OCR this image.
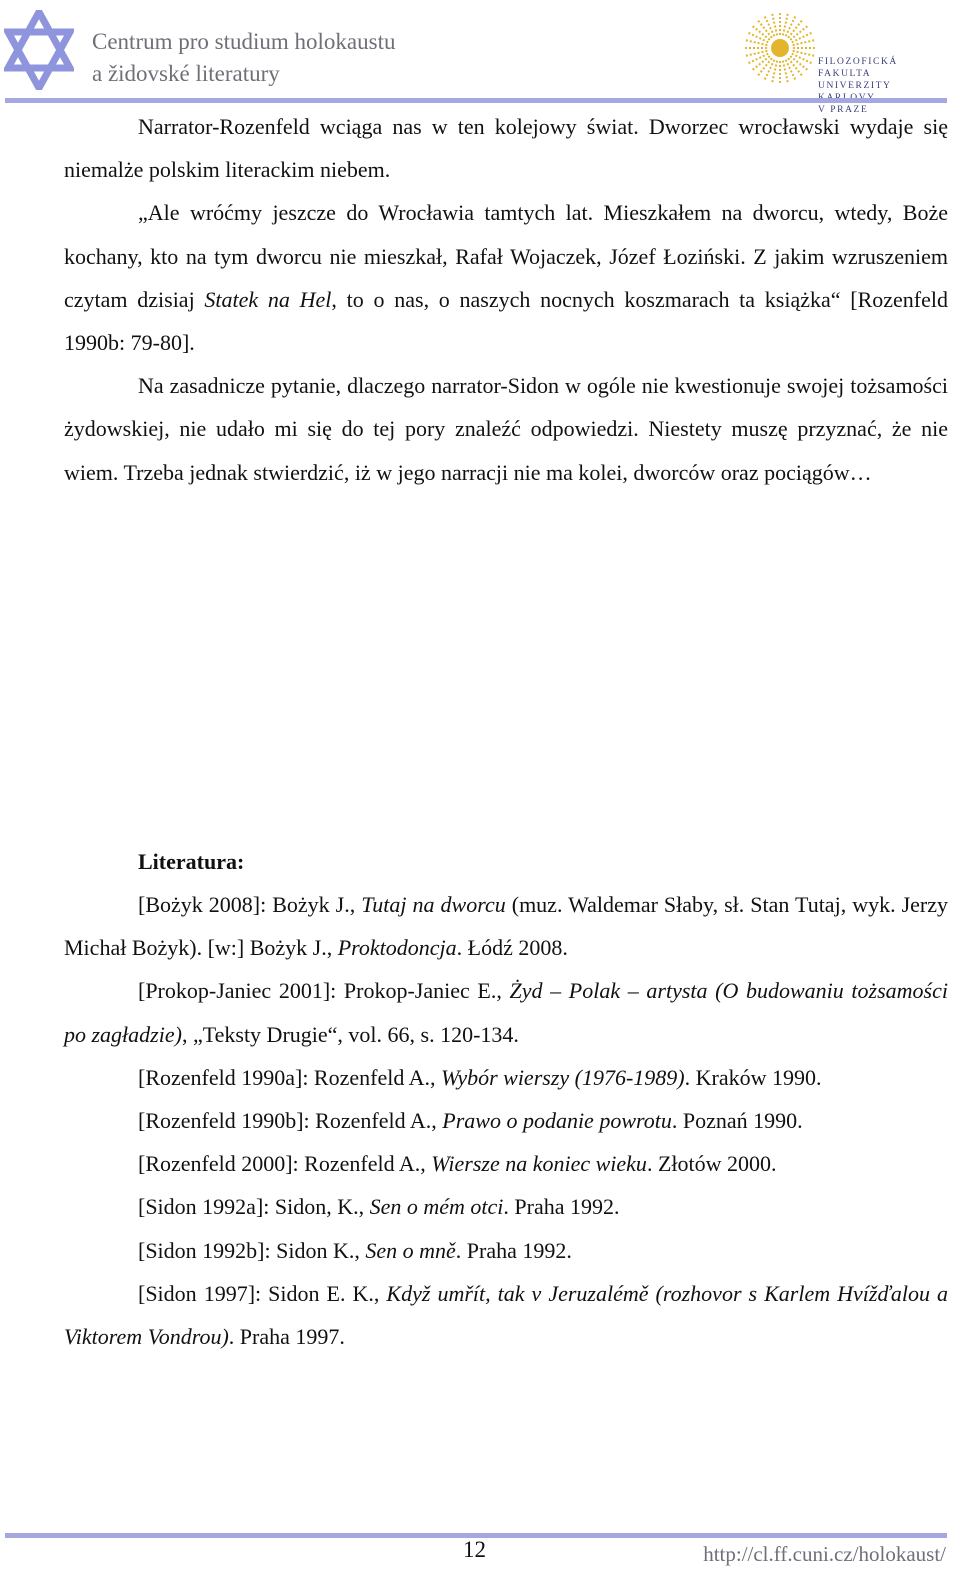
Centrum pro studium holokaustu
a židovské literatury	FILOZOFICKÁ FAKULTA
UNIVERZITY
V PRAZE

Narrator-Rozenfeld wciąga nas w ten kolejowy świat. Dworzec wrocławski wydaje się niemalże polskim literackim niebem.

„Ale wróćmy jeszcze do Wrocławia tamtych lat. Mieszkałem na dworcu, wtedy, Boże kochany, kto na tym dworcu nie mieszkał, Rafał Wojaczek, Józef Łoziński. Z jakim wzruszeniem czytam dzisiaj Statek na Hel, to o nas, o naszych nocnych koszmarach ta książka“ [Rozenfeld 1990b: 79-80].

Na zasadnicze pytanie, dlaczego narrator-Sidon w ogóle nie kwestionuje swojej tożsamości żydowskiej, nie udało mi się do tej pory znaleźć odpowiedzi. Niestety muszę przyznać, że nie wiem. Trzeba jednak stwierdzić, iż w jego narracji nie ma kolei, dworców oraz pociągów…

Literatura:

[Bożyk 2008]: Bożyk J., Tutaj na dworcu (muz. Waldemar Słaby, sł. Stan Tutaj, wyk. Jerzy Michał Bożyk). [w:] Bożyk J., Proktodoncja. Łódź 2008.

[Prokop-Janiec 2001]: Prokop-Janiec E., Żyd – Polak – artysta (O budowaniu tożsamości po zagładzie), „Teksty Drugie“, vol. 66, s. 120-134.

[Rozenfeld 1990a]: Rozenfeld A., Wybór wierszy (1976-1989). Kraków 1990.

[Rozenfeld 1990b]: Rozenfeld A., Prawo o podanie powrotu. Poznań 1990.

[Rozenfeld 2000]: Rozenfeld A., Wiersze na koniec wieku. Złotów 2000.

[Sidon 1992a]: Sidon, K., Sen o mém otci. Praha 1992.

[Sidon 1992b]: Sidon K., Sen o mně. Praha 1992.

[Sidon 1997]: Sidon E. K., Když umřít, tak v Jeruzalémě (rozhovor s Karlem Hvížďalou a Viktorem Vondrou). Praha 1997.

12	http://cl.ff.cuni.cz/holokaust/
